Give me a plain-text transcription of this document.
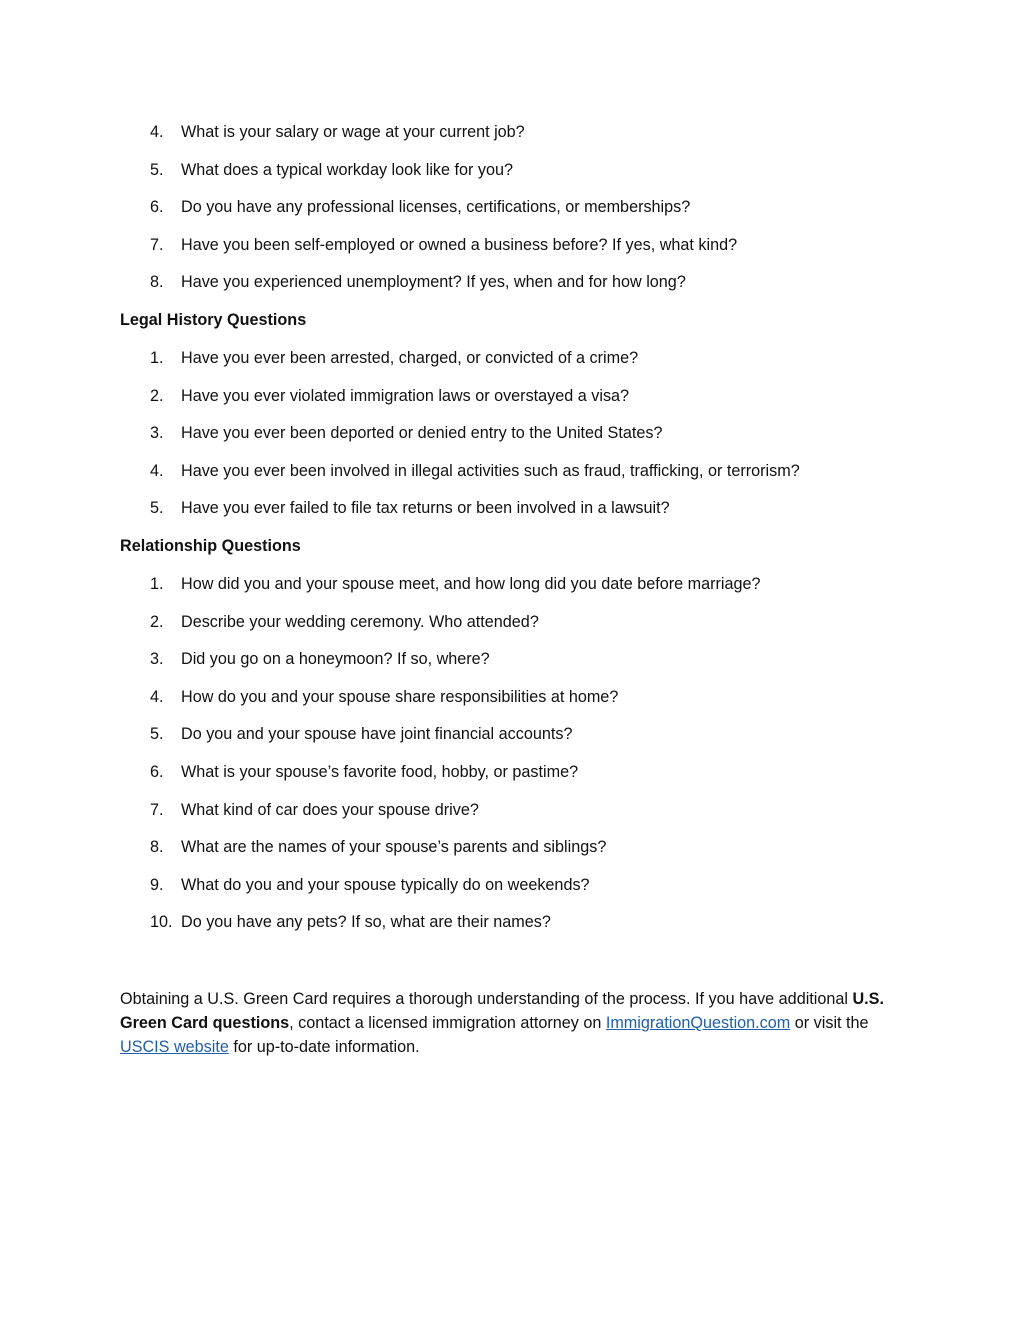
4. What is your salary or wage at your current job?
5. What does a typical workday look like for you?
6. Do you have any professional licenses, certifications, or memberships?
7. Have you been self-employed or owned a business before? If yes, what kind?
8. Have you experienced unemployment? If yes, when and for how long?
Legal History Questions
1. Have you ever been arrested, charged, or convicted of a crime?
2. Have you ever violated immigration laws or overstayed a visa?
3. Have you ever been deported or denied entry to the United States?
4. Have you ever been involved in illegal activities such as fraud, trafficking, or terrorism?
5. Have you ever failed to file tax returns or been involved in a lawsuit?
Relationship Questions
1. How did you and your spouse meet, and how long did you date before marriage?
2. Describe your wedding ceremony. Who attended?
3. Did you go on a honeymoon? If so, where?
4. How do you and your spouse share responsibilities at home?
5. Do you and your spouse have joint financial accounts?
6. What is your spouse’s favorite food, hobby, or pastime?
7. What kind of car does your spouse drive?
8. What are the names of your spouse’s parents and siblings?
9. What do you and your spouse typically do on weekends?
10. Do you have any pets? If so, what are their names?

Obtaining a U.S. Green Card requires a thorough understanding of the process. If you have additional U.S. Green Card questions, contact a licensed immigration attorney on ImmigrationQuestion.com or visit the USCIS website for up-to-date information.
